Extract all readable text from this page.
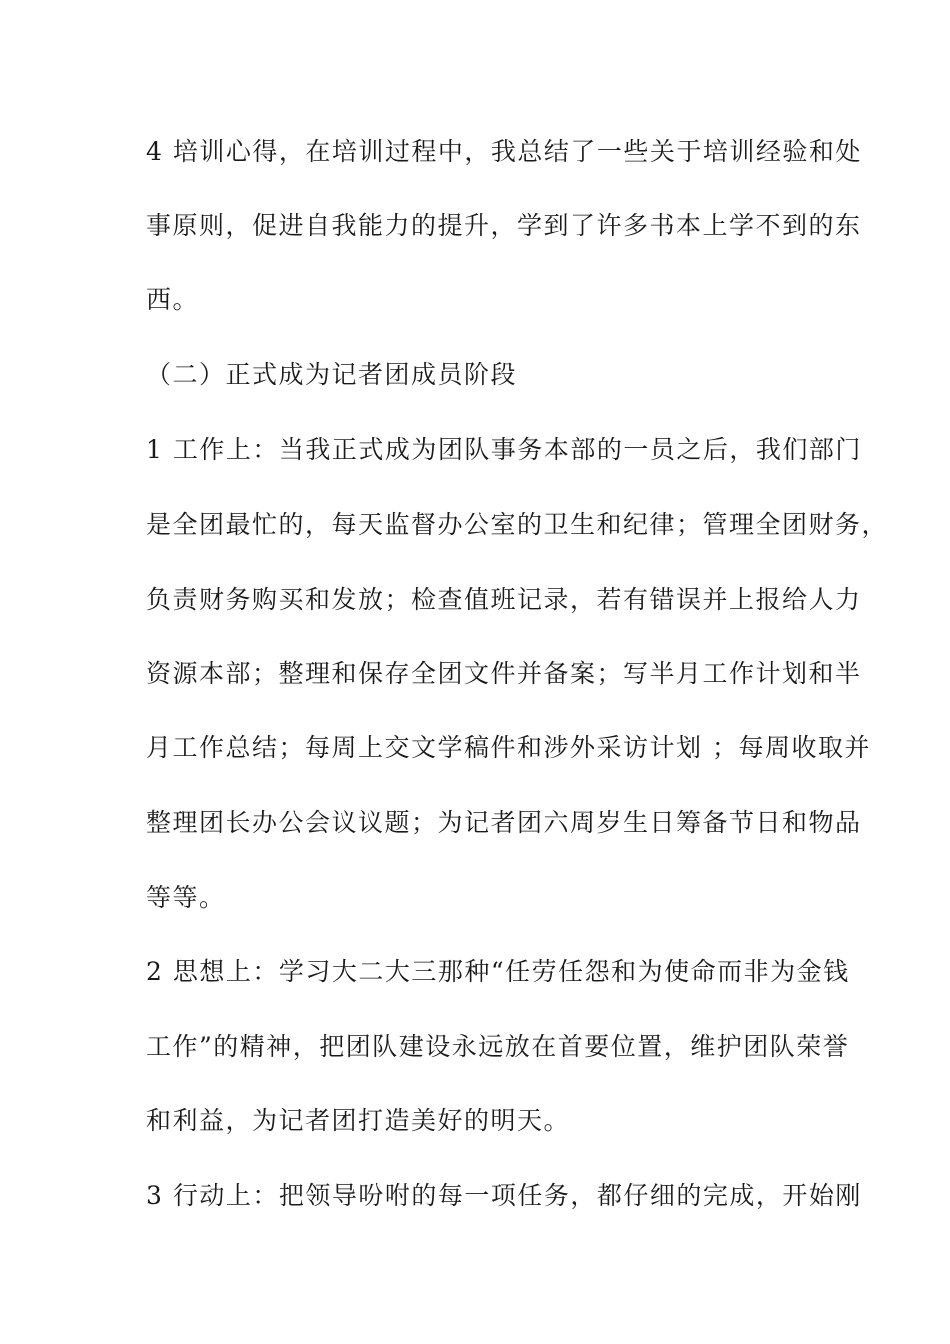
4 培训心得，在培训过程中，我总结了一些关于培训经验和处
事原则，促进自我能力的提升，学到了许多书本上学不到的东
西。
（二）正式成为记者团成员阶段
1 工作上：当我正式成为团队事务本部的一员之后，我们部门
是全团最忙的，每天监督办公室的卫生和纪律；管理全团财务，
负责财务购买和发放；检查值班记录，若有错误并上报给人力
资源本部；整理和保存全团文件并备案；写半月工作计划和半
月工作总结；每周上交文学稿件和涉外采访计划 ；每周收取并
整理团长办公会议议题；为记者团六周岁生日筹备节日和物品
等等。
2 思想上：学习大二大三那种“任劳任怨和为使命而非为金钱
工作”的精神，把团队建设永远放在首要位置，维护团队荣誉
和利益，为记者团打造美好的明天。
3 行动上：把领导吩咐的每一项任务，都仔细的完成，开始刚
